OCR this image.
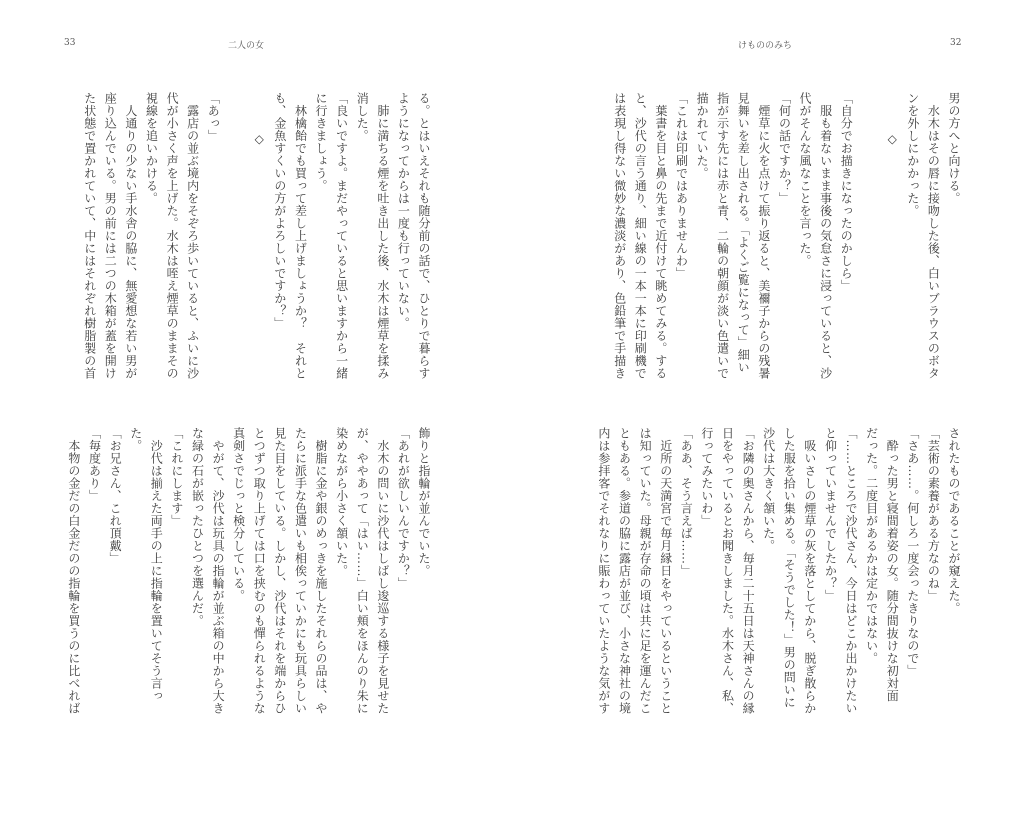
33	二人の女	けもののみち	32
男の方へと向ける。
　水木はその唇に接吻した後、白いブラウスのボタ
ンを外しにかかった。
◇
「自分でお描きになったのかしら」
　服も着ないまま事後の気怠さに浸っていると、沙
代がそんな風なことを言った。
「何の話ですか？」
　煙草に火を点けて振り返ると、美禰子からの残暑
見舞いを差し出される。「よくご覧になって」細い
指が示す先には赤と青、二輪の朝顔が淡い色遣いで
描かれていた。
「これは印刷ではありませんわ」
　葉書を目と鼻の先まで近付けて眺めてみる。する
と、沙代の言う通り、細い線の一本一本に印刷機で
は表現し得ない微妙な濃淡があり、色鉛筆で手描き
されたものであることが窺えた。
「芸術の素養がある方なのね」
「さあ……。何しろ一度会ったきりなので」
　酔った男と寝間着姿の女。随分間抜けな初対面
だった。二度目があるかは定かではない。
「……ところで沙代さん、今日はどこか出かけたい
と仰っていませんでしたか？」
　吸いさしの煙草の灰を落としてから、脱ぎ散らか
した服を拾い集める。「そうでした！」男の問いに
沙代は大きく頷いた。
「お隣の奥さんから、毎月二十五日は天神さんの縁
日をやっているとお聞きしました。水木さん、私、
行ってみたいわ」
「ああ、そう言えば……」
　近所の天満宮で毎月縁日をやっているということ
は知っていた。母親が存命の頃は共に足を運んだこ
ともある。参道の脇に露店が並び、小さな神社の境
内は参拝客でそれなりに賑わっていたような気がす
る。とはいえそれも随分前の話で、ひとりで暮らす
ようになってからは一度も行っていない。
　肺に満ちる煙を吐き出した後、水木は煙草を揉み
消した。
「良いですよ。まだやっていると思いますから一緒
に行きましょう。
　林檎飴でも買って差し上げましょうか？　それと
も、金魚すくいの方がよろしいですか？」
◇
「あっ」
　露店の並ぶ境内をそぞろ歩いていると、ふいに沙
代が小さく声を上げた。水木は咥え煙草のままその
視線を追いかける。
　人通りの少ない手水舎の脇に、無愛想な若い男が
座り込んでいる。男の前には二つの木箱が蓋を開け
た状態で置かれていて、中にはそれぞれ樹脂製の首
飾りと指輪が並んでいた。
「あれが欲しいんですか？」
　水木の問いに沙代はしばし逡巡する様子を見せた
が、ややあって「はい……」白い頬をほんのり朱に
染めながら小さく頷いた。
　樹脂に金や銀のめっきを施したそれらの品は、や
たらに派手な色遣いも相俟っていかにも玩具らしい
見た目をしている。しかし、沙代はそれを端からひ
とつずつ取り上げては口を挟むのも憚られるような
真剣さでじっと検分している。
　やがて、沙代は玩具の指輪が並ぶ箱の中から大き
な緑の石が嵌ったひとつを選んだ。
「これにします」
　沙代は揃えた両手の上に指輪を置いてそう言っ
た。
「お兄さん、これ頂戴」
「毎度あり」
　本物の金だの白金だのの指輪を買うのに比べれば
